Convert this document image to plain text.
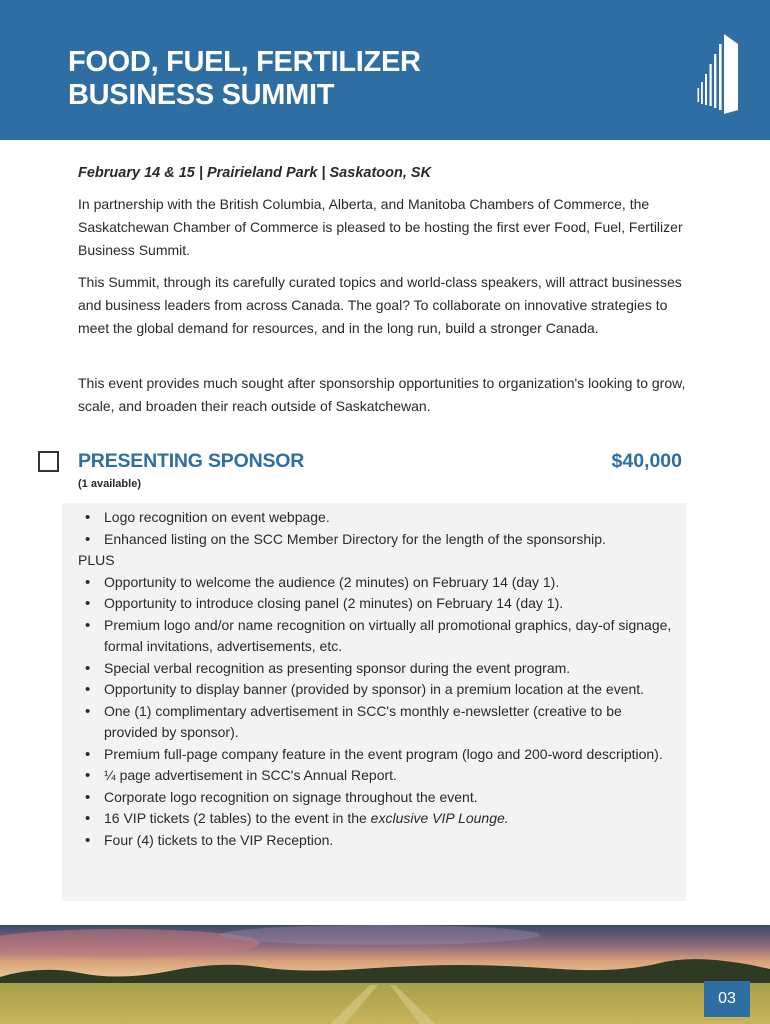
FOOD, FUEL, FERTILIZER
BUSINESS SUMMIT
February 14 & 15 | Prairieland Park | Saskatoon, SK

In partnership with the British Columbia, Alberta, and Manitoba Chambers of Commerce, the Saskatchewan Chamber of Commerce is pleased to be hosting the first ever Food, Fuel, Fertilizer Business Summit.

This Summit, through its carefully curated topics and world-class speakers, will attract businesses and business leaders from across Canada. The goal? To collaborate on innovative strategies to meet the global demand for resources, and in the long run, build a stronger Canada.

This event provides much sought after sponsorship opportunities to organization's looking to grow, scale, and broaden their reach outside of Saskatchewan.

PRESENTING SPONSOR	$40,000
(1 available)
• Logo recognition on event webpage.
• Enhanced listing on the SCC Member Directory for the length of the sponsorship.
PLUS
• Opportunity to welcome the audience (2 minutes) on February 14 (day 1).
• Opportunity to introduce closing panel (2 minutes) on February 14 (day 1).
• Premium logo and/or name recognition on virtually all promotional graphics, day-of signage, formal invitations, advertisements, etc.
• Special verbal recognition as presenting sponsor during the event program.
• Opportunity to display banner (provided by sponsor) in a premium location at the event.
• One (1) complimentary advertisement in SCC's monthly e-newsletter (creative to be provided by sponsor).
• Premium full-page company feature in the event program (logo and 200-word description).
• ¼ page advertisement in SCC's Annual Report.
• Corporate logo recognition on signage throughout the event.
• 16 VIP tickets (2 tables) to the event in the exclusive VIP Lounge.
• Four (4) tickets to the VIP Reception.
03
